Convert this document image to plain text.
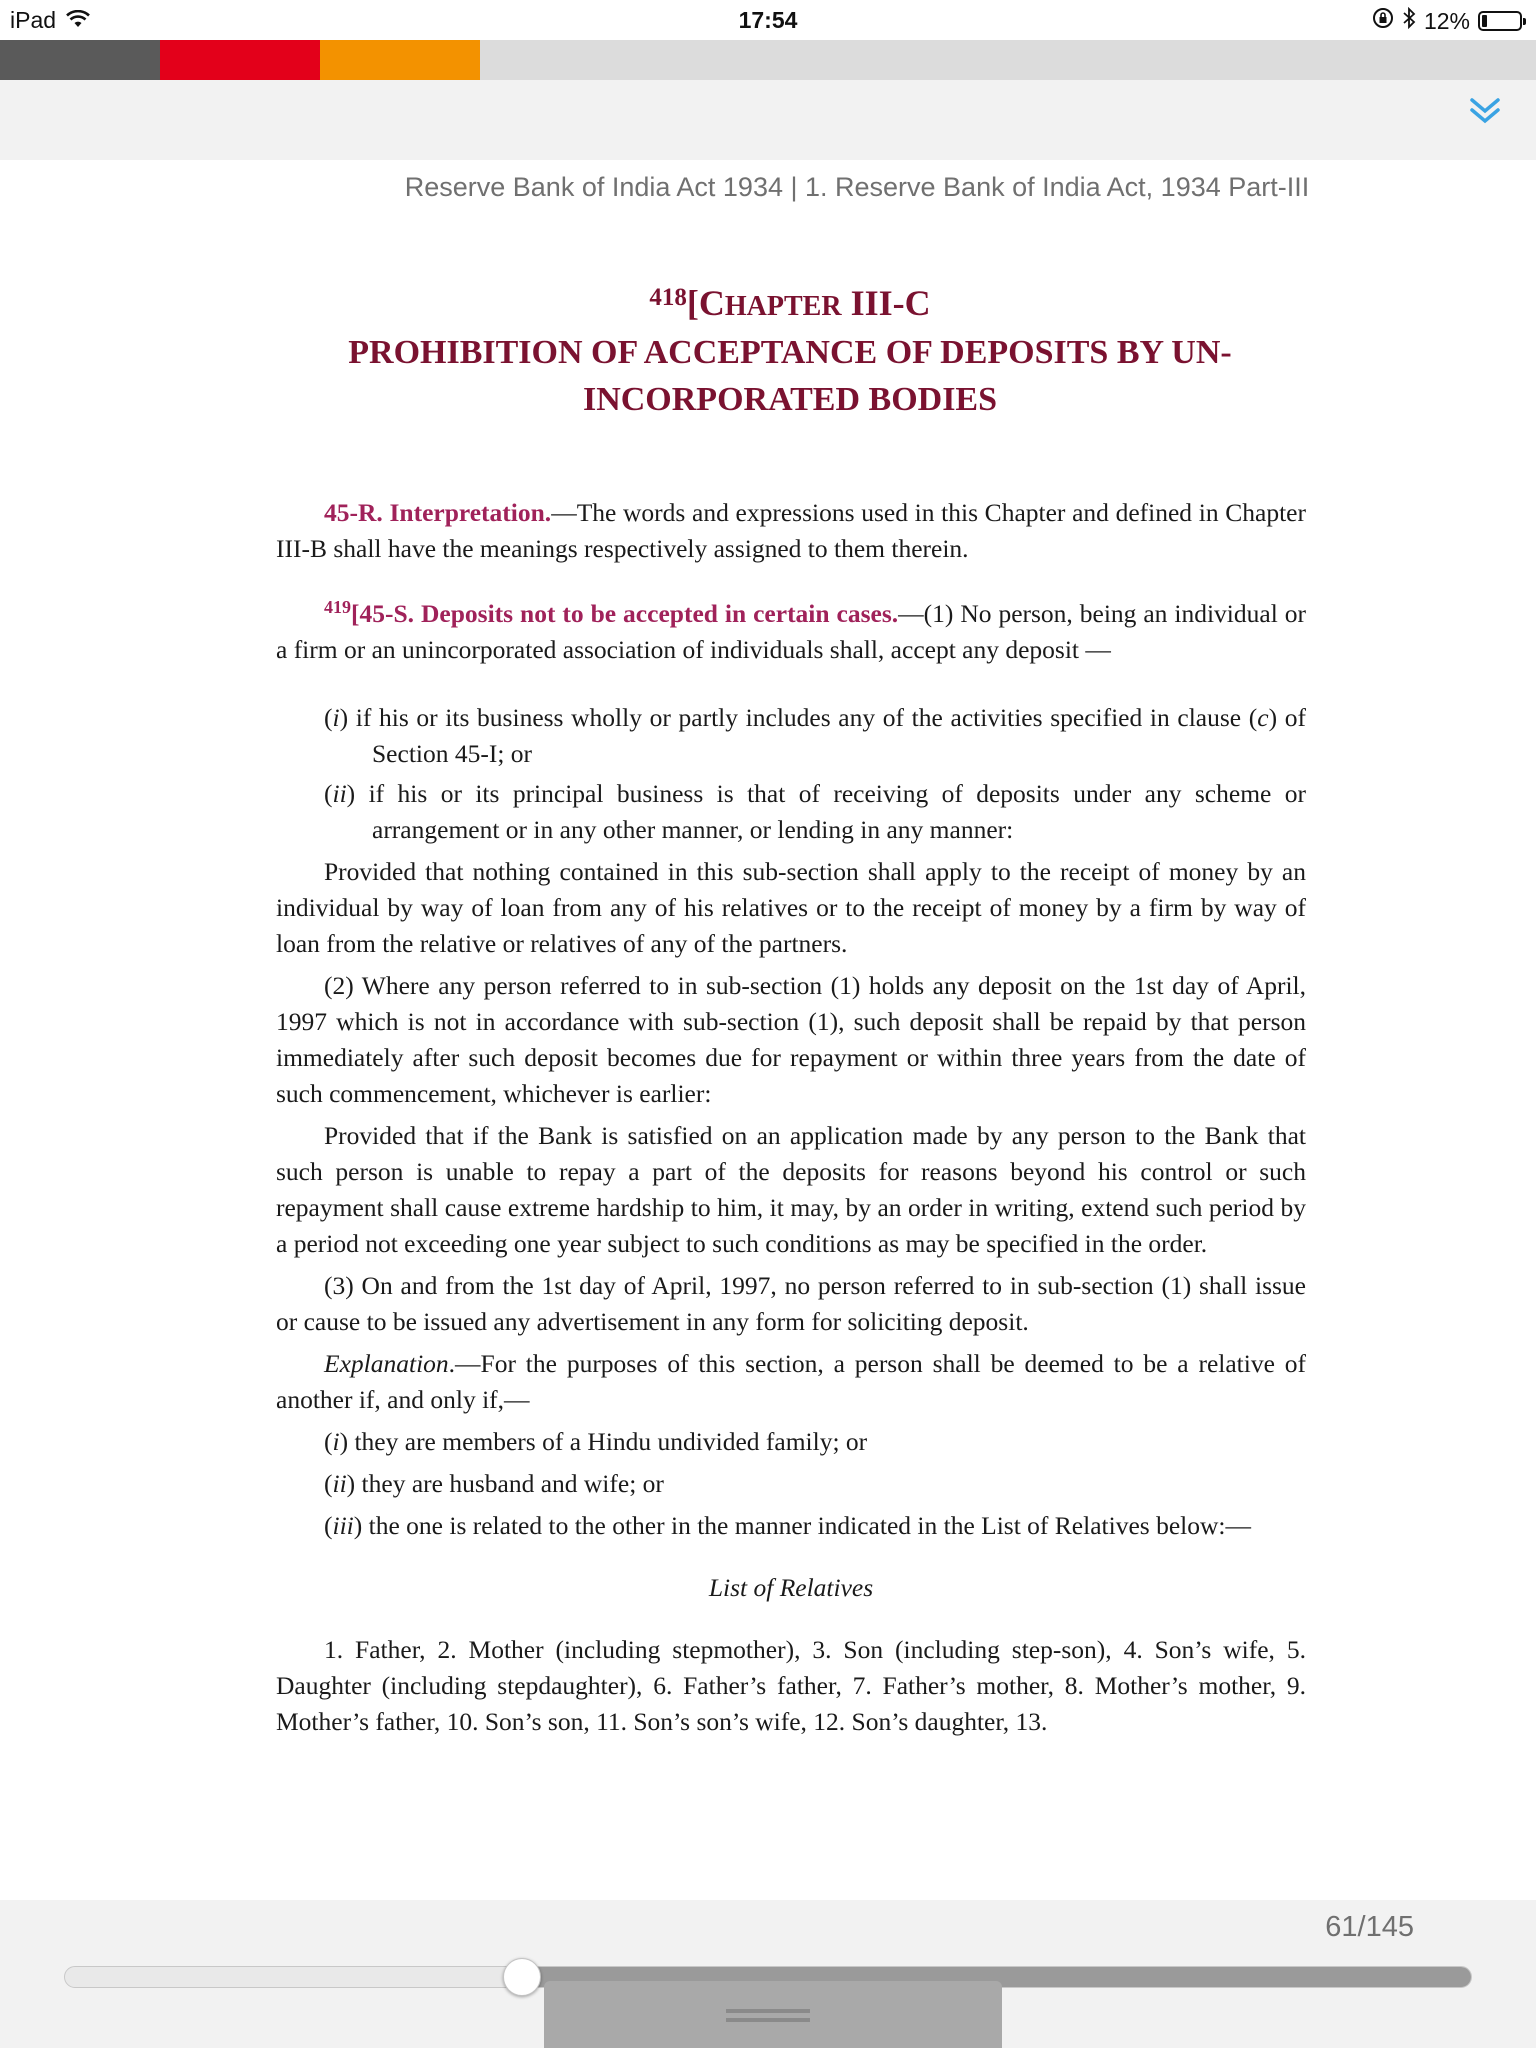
iPad	17:54	12%
Reserve Bank of India Act 1934 | 1. Reserve Bank of India Act, 1934 Part-III
$^{418}$[CHAPTER III-C
PROHIBITION OF ACCEPTANCE OF DEPOSITS BY UN-
INCORPORATED BODIES

45-R. Interpretation.—The words and expressions used in this Chapter and defined in Chapter III-B shall have the meanings respectively assigned to them therein.

$^{419}$[45-S. Deposits not to be accepted in certain cases.—(1) No person, being an individual or a firm or an unincorporated association of individuals shall, accept any deposit —

(i) if his or its business wholly or partly includes any of the activities specified in clause (c) of Section 45-I; or

(ii) if his or its principal business is that of receiving of deposits under any scheme or arrangement or in any other manner, or lending in any manner:

Provided that nothing contained in this sub-section shall apply to the receipt of money by an individual by way of loan from any of his relatives or to the receipt of money by a firm by way of loan from the relative or relatives of any of the partners.

(2) Where any person referred to in sub-section (1) holds any deposit on the 1st day of April, 1997 which is not in accordance with sub-section (1), such deposit shall be repaid by that person immediately after such deposit becomes due for repayment or within three years from the date of such commencement, whichever is earlier:

Provided that if the Bank is satisfied on an application made by any person to the Bank that such person is unable to repay a part of the deposits for reasons beyond his control or such repayment shall cause extreme hardship to him, it may, by an order in writing, extend such period by a period not exceeding one year subject to such conditions as may be specified in the order.

(3) On and from the 1st day of April, 1997, no person referred to in sub-section (1) shall issue or cause to be issued any advertisement in any form for soliciting deposit.

Explanation.—For the purposes of this section, a person shall be deemed to be a relative of another if, and only if,—

(i) they are members of a Hindu undivided family; or

(ii) they are husband and wife; or

(iii) the one is related to the other in the manner indicated in the List of Relatives below:—

List of Relatives

1. Father, 2. Mother (including stepmother), 3. Son (including step-son), 4. Son’s wife, 5. Daughter (including stepdaughter), 6. Father’s father, 7. Father’s mother, 8. Mother’s mother, 9. Mother’s father, 10. Son’s son, 11. Son’s son’s wife, 12. Son’s daughter, 13.

61/145
